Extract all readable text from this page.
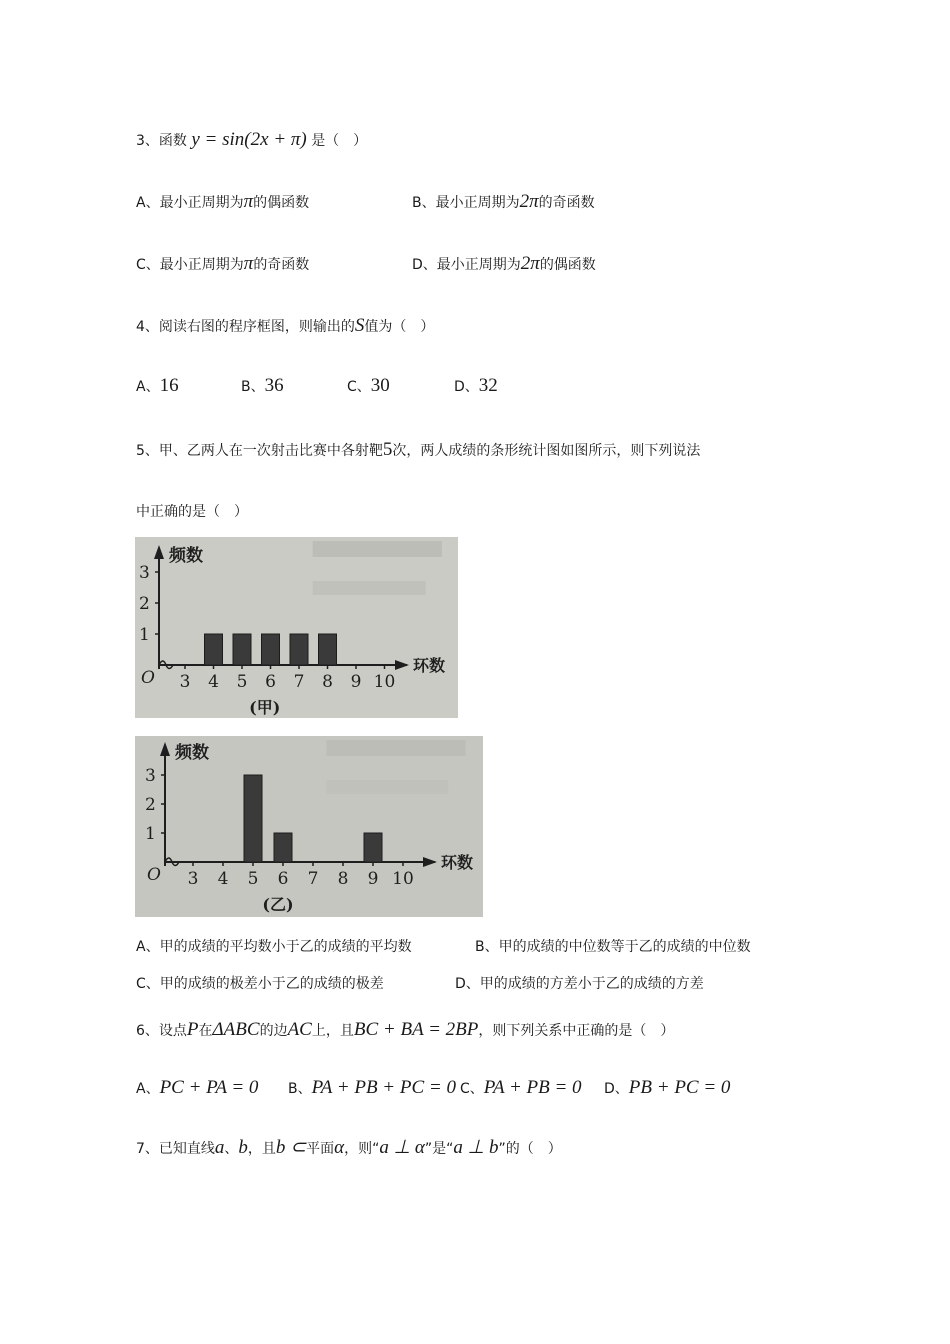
3、函数 y = sin(2x + π) 是（　）
A、最小正周期为π的偶函数	B、最小正周期为2π的奇函数
C、最小正周期为π的奇函数	D、最小正周期为2π的偶函数
4、阅读右图的程序框图，则输出的S值为（　）
A、16	B、36	C、30	D、32
5、甲、乙两人在一次射击比赛中各射靶5次，两人成绩的条形统计图如图所示，则下列说法
中正确的是（　）
频数
环数
O
1
2
3
3 4 5 6 7 8 9 10
(甲)
频数
环数
O
1
2
3
3 4 5 6 7 8 9 10
(乙)
A、甲的成绩的平均数小于乙的成绩的平均数	B、甲的成绩的中位数等于乙的成绩的中位数
C、甲的成绩的极差小于乙的成绩的极差	D、甲的成绩的方差小于乙的成绩的方差
6、设点P在ΔABC的边AC上，且BC + BA = 2BP，则下列关系中正确的是（　）
A、PC + PA = 0 B、PA + PB + PC = 0 C、PA + PB = 0 D、PB + PC = 0
7、已知直线a、b，且b ⊂平面α，则“a ⊥ α”是“a ⊥ b”的（　）
